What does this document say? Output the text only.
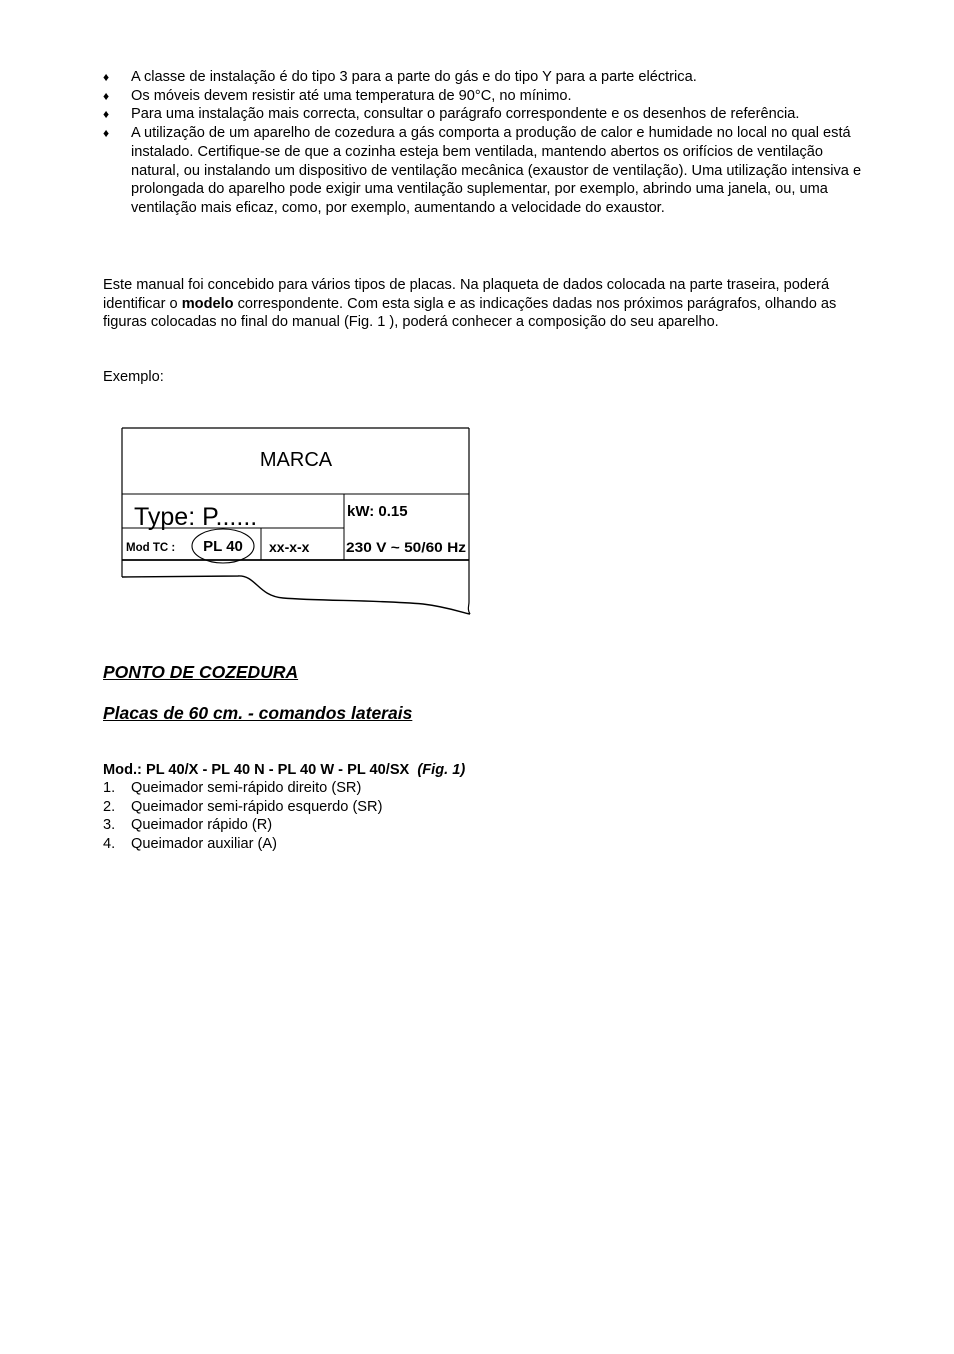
♦ A classe de instalação é do tipo 3 para a parte do gás e do tipo Y para a parte eléctrica.
♦ Os móveis devem resistir até uma temperatura de 90°C, no mínimo.
♦ Para uma instalação mais correcta, consultar o parágrafo correspondente e os desenhos de referência.
♦ A utilização de um aparelho de cozedura a gás comporta a produção de calor e humidade no local no qual está instalado. Certifique-se de que a cozinha esteja bem ventilada, mantendo abertos os orifícios de ventilação natural, ou instalando um dispositivo de ventilação mecânica (exaustor de ventilação). Uma utilização intensiva e prolongada do aparelho pode exigir uma ventilação suplementar, por exemplo, abrindo uma janela, ou, uma ventilação mais eficaz, como, por exemplo, aumentando a velocidade do exaustor.

Este manual foi concebido para vários tipos de placas. Na plaqueta de dados colocada na parte traseira, poderá identificar o modelo correspondente. Com esta sigla e as indicações dadas nos próximos parágrafos, olhando as figuras colocadas no final do manual (Fig. 1 ), poderá conhecer a composição do seu aparelho.

Exemplo:

MARCA
Type: P......	kW: 0.15
Mod TC : PL 40 xx-x-x	230 V ~ 50/60 Hz
PONTO DE COZEDURA
Placas de 60 cm. - comandos laterais

Mod.: PL 40/X - PL 40 N - PL 40 W - PL 40/SX (Fig. 1)

1. Queimador semi-rápido direito (SR)
2. Queimador semi-rápido esquerdo (SR)
3. Queimador rápido (R)
4. Queimador auxiliar (A)
